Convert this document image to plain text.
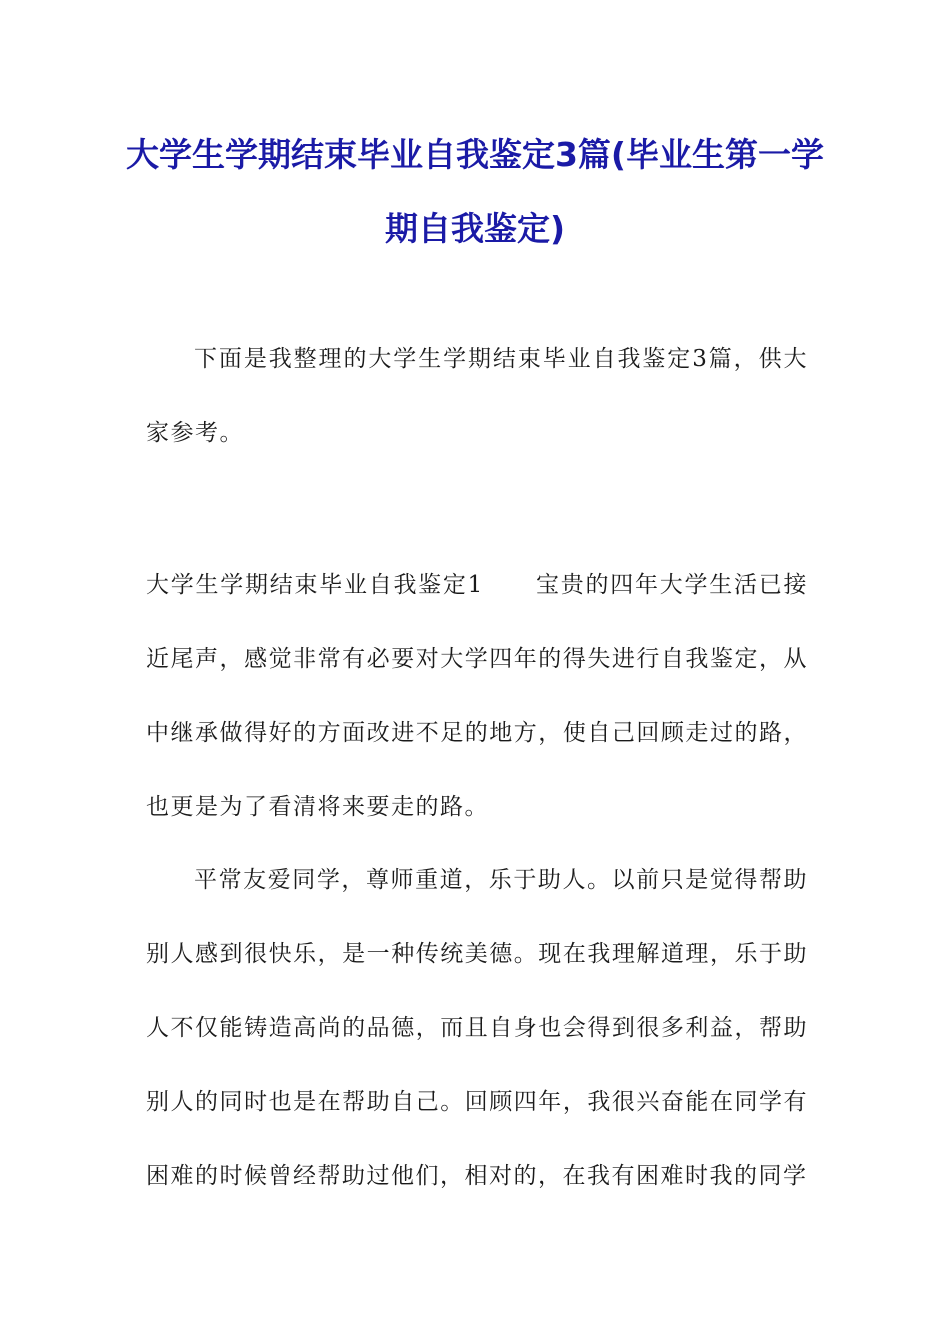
大学生学期结束毕业自我鉴定3篇(毕业生第一学期自我鉴定)

下面是我整理的大学生学期结束毕业自我鉴定3篇，供大家参考。

大学生学期结束毕业自我鉴定1 宝贵的四年大学生活已接近尾声，感觉非常有必要对大学四年的得失进行自我鉴定，从中继承做得好的方面改进不足的地方，使自己回顾走过的路，也更是为了看清将来要走的路。

平常友爱同学，尊师重道，乐于助人。以前只是觉得帮助别人感到很快乐，是一种传统美德。现在我理解道理，乐于助人不仅能铸造高尚的品德，而且自身也会得到很多利益，帮助别人的同时也是在帮助自己。回顾四年，我很兴奋能在同学有困难的时候曾经帮助过他们，相对的，在我有困难时我的同学
